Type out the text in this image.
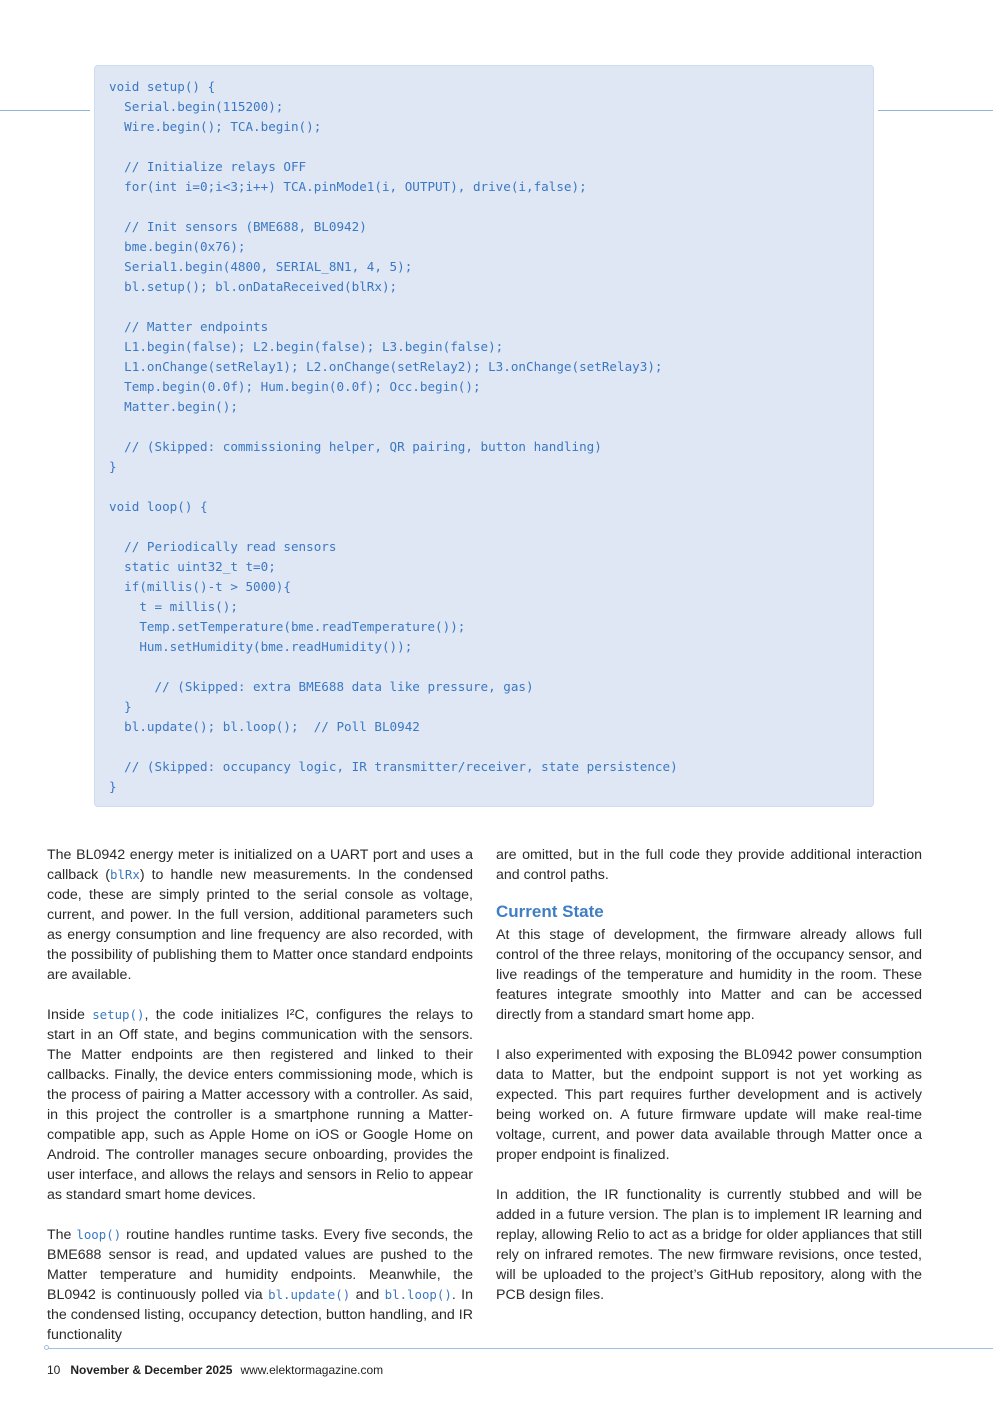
void setup() {
Serial.begin(115200);
Wire.begin(); TCA.begin();
// Initialize relays OFF
for(int i=0;i<3;i++) TCA.pinMode1(i, OUTPUT), drive(i,false);
// Init sensors (BME688, BL0942)
bme.begin(0x76);
Serial1.begin(4800, SERIAL_8N1, 4, 5);
bl.setup(); bl.onDataReceived(blRx);
// Matter endpoints
L1.begin(false); L2.begin(false); L3.begin(false);
L1.onChange(setRelay1); L2.onChange(setRelay2); L3.onChange(setRelay3);
Temp.begin(0.0f); Hum.begin(0.0f); Occ.begin();
Matter.begin();
// (Skipped: commissioning helper, QR pairing, button handling)
}
void loop() {
// Periodically read sensors
static uint32_t t=0;
if(millis()-t > 5000){
t = millis();
Temp.setTemperature(bme.readTemperature());
Hum.setHumidity(bme.readHumidity());
// (Skipped: extra BME688 data like pressure, gas)
}
bl.update(); bl.loop();  // Poll BL0942
// (Skipped: occupancy logic, IR transmitter/receiver, state persistence)
}

The BL0942 energy meter is initialized on a UART port and uses a callback (blRx) to handle new measurements. In the condensed code, these are simply printed to the serial console as voltage, current, and power. In the full version, additional parameters such as energy consumption and line frequency are also recorded, with the possibility of publishing them to Matter once standard endpoints are available.

Inside setup(), the code initializes I²C, configures the relays to start in an Off state, and begins communication with the sensors. The Matter endpoints are then registered and linked to their callbacks. Finally, the device enters commissioning mode, which is the process of pairing a Matter accessory with a controller. As said, in this project the controller is a smartphone running a Matter-compatible app, such as Apple Home on iOS or Google Home on Android. The controller manages secure onboarding, provides the user interface, and allows the relays and sensors in Relio to appear as standard smart home devices.

The loop() routine handles runtime tasks. Every five seconds, the BME688 sensor is read, and updated values are pushed to the Matter temperature and humidity endpoints. Meanwhile, the BL0942 is continuously polled via bl.update() and bl.loop(). In the condensed listing, occupancy detection, button handling, and IR functionality

are omitted, but in the full code they provide additional interaction and control paths.

Current State

At this stage of development, the firmware already allows full control of the three relays, monitoring of the occupancy sensor, and live readings of the temperature and humidity in the room. These features integrate smoothly into Matter and can be accessed directly from a standard smart home app.

I also experimented with exposing the BL0942 power consumption data to Matter, but the endpoint support is not yet working as expected. This part requires further development and is actively being worked on. A future firmware update will make real-time voltage, current, and power data available through Matter once a proper endpoint is finalized.

In addition, the IR functionality is currently stubbed and will be added in a future version. The plan is to implement IR learning and replay, allowing Relio to act as a bridge for older appliances that still rely on infrared remotes. The new firmware revisions, once tested, will be uploaded to the project’s GitHub repository, along with the PCB design files.

10 November & December 2025 www.elektormagazine.com
